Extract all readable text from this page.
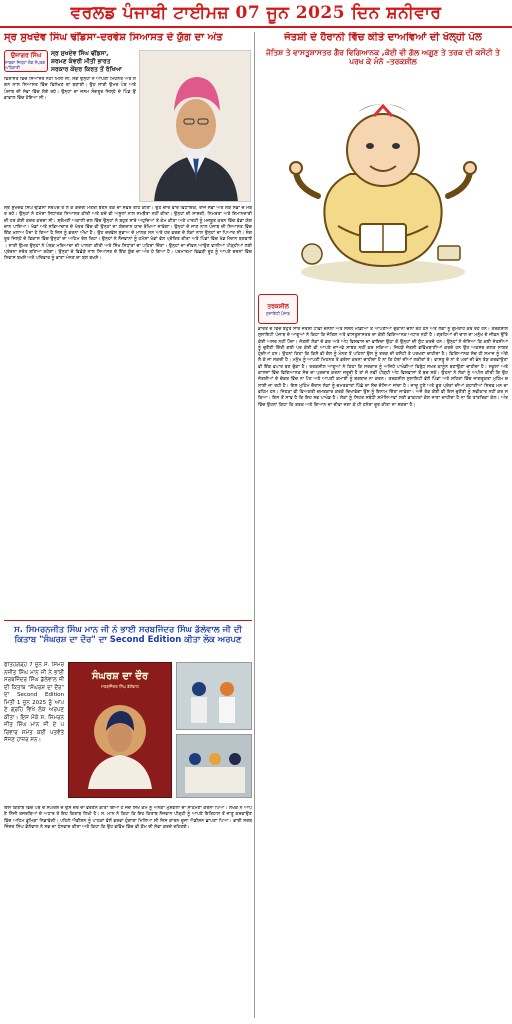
ਵਰਲਡ ਪੰਜਾਬੀ ਟਾਈਮਜ਼ 07 ਜੂਨ 2025 ਦਿਨ ਸ਼ਨੀਵਾਰ
ਸ੍ਰ ਸੁਖਦੇਵ ਸਿੰਘ ਢੀਂਡਸਾ-ਦਰਵੇਸ਼ ਸਿਆਸਤ ਦੇ ਯੁੱਗ ਦਾ ਅੰਤ
ਉਜਾਗਰ ਸਿੰਘ
ਸਾਬਕਾ ਜਿਲ੍ਹਾ ਲੋਕ ਸੰਪਰਕ ਅਧਿਕਾਰੀ
ਸ੍ਰ ਸੁਖਦੇਵ ਸਿੰਘ ਢੀਂਡਸਾ,
ਸ਼ਰਮਣ ਕੰਵਰੀ ਮੀਤੀ ਭਾਰਤ
ਸਰਕਾਰ ਕੇਂਦਰ ਕਿਰਤ ਤੋਂ ਰੱਖਿਆ
ਵਿਰਾਸਤ ਵਿੱਚ ਸਿਆਸਤ ਨਹੀਂ ਮਿਲੀ ਸੀ, ਸਗੋਂ ਉਨ੍ਹਾਂ ਨੇ ਆਪਣੀ ਮਿਹਨਤ ਅਤੇ ਲਗਨ ਨਾਲ ਸਿਆਸਤ ਵਿੱਚ ਵਿਲੱਖਣ ਥਾਂ ਬਣਾਈ। ਉਹ ਸਾਰੀ ਉਮਰ ਪੰਥ ਅਤੇ ਪੰਜਾਬ ਦੀ ਸੇਵਾ ਵਿੱਚ ਲੱਗੇ ਰਹੇ। ਉਨ੍ਹਾਂ ਦਾ ਜਨਮ ਸੰਗਰੂਰ ਜਿਲ੍ਹੇ ਦੇ ਪਿੰਡ ਉਭਾਵਾਲ ਵਿੱਚ ਹੋਇਆ ਸੀ।
ਸ੍ਰ ਸੁਖਦੇਵ ਸਿੰਘ ਢੀਂਡਸਾ ਸਰਪੰਚ ਤੋਂ ਲੈ ਕੇ ਕੇਂਦਰੀ ਮੰਤਰੀ ਬਣਨ ਤੱਕ ਦਾ ਸਫਰ ਤਹਿ ਕੀਤਾ। ਉਹ ਚਾਰ ਵਾਰ ਵਿਧਾਇਕ, ਰਾਜ ਸਭਾ ਅਤੇ ਲੋਕ ਸਭਾ ਦੇ ਮੈਂਬਰ ਰਹੇ। ਉਨ੍ਹਾਂ ਨੇ ਹਮੇਸ਼ਾ ਸਿਧਾਂਤਕ ਸਿਆਸਤ ਕੀਤੀ ਅਤੇ ਕਦੇ ਵੀ ਅਸੂਲਾਂ ਨਾਲ ਸਮਝੌਤਾ ਨਹੀਂ ਕੀਤਾ। ਉਨ੍ਹਾਂ ਦੀ ਸਾਦਗੀ, ਨਿਮਰਤਾ ਅਤੇ ਇਮਾਨਦਾਰੀ ਦੀ ਹਰ ਕੋਈ ਕਦਰ ਕਰਦਾ ਸੀ। ਸ਼੍ਰੋਮਣੀ ਅਕਾਲੀ ਦਲ ਵਿੱਚ ਉਨ੍ਹਾਂ ਨੇ ਬਹੁਤ ਸਾਰੇ ਅਹੁਦਿਆਂ ਤੇ ਕੰਮ ਕੀਤਾ ਅਤੇ ਪਾਰਟੀ ਨੂੰ ਮਜ਼ਬੂਤ ਕਰਨ ਵਿੱਚ ਵੱਡਾ ਯੋਗਦਾਨ ਪਾਇਆ। ਖੇਡਾਂ ਅਤੇ ਸਭਿਆਚਾਰ ਦੇ ਖੇਤਰ ਵਿੱਚ ਵੀ ਉਨ੍ਹਾਂ ਦਾ ਯੋਗਦਾਨ ਯਾਦ ਰੱਖਿਆ ਜਾਵੇਗਾ। ਉਨ੍ਹਾਂ ਦੇ ਜਾਣ ਨਾਲ ਪੰਜਾਬ ਦੀ ਸਿਆਸਤ ਵਿੱਚ ਇੱਕ ਖਲਾਅ ਪੈਦਾ ਹੋ ਗਿਆ ਹੈ ਜਿਸ ਨੂੰ ਭਰਨਾ ਔਖਾ ਹੈ। ਉਹ ਦਰਵੇਸ਼ ਸੁਭਾਅ ਦੇ ਮਾਲਕ ਸਨ ਅਤੇ ਹਰ ਵਰਗ ਦੇ ਲੋਕਾਂ ਨਾਲ ਉਨ੍ਹਾਂ ਦਾ ਪਿਆਰ ਸੀ। ਸੰਗਰੂਰ ਜਿਲ੍ਹੇ ਦੇ ਵਿਕਾਸ ਵਿੱਚ ਉਨ੍ਹਾਂ ਦਾ ਅਹਿਮ ਰੋਲ ਰਿਹਾ। ਉਨ੍ਹਾਂ ਨੇ ਨੌਜਵਾਨਾਂ ਨੂੰ ਹਮੇਸ਼ਾ ਖੇਡਾਂ ਵੱਲ ਪ੍ਰੇਰਿਤ ਕੀਤਾ ਅਤੇ ਪਿੰਡਾਂ ਵਿੱਚ ਖੇਡ ਮੈਦਾਨ ਬਣਵਾਏ। ਸਾਰੀ ਉਮਰ ਉਨ੍ਹਾਂ ਨੇ ਪੰਥਕ ਮਰਿਆਦਾ ਦੀ ਪਾਲਣਾ ਕੀਤੀ ਅਤੇ ਸਿੱਖ ਸਿਧਾਂਤਾਂ ਦਾ ਪਹਿਰਾ ਦਿੱਤਾ। ਉਨ੍ਹਾਂ ਦਾ ਜੀਵਨ ਆਉਣ ਵਾਲੀਆਂ ਪੀੜ੍ਹੀਆਂ ਲਈ ਪ੍ਰੇਰਨਾ ਸਰੋਤ ਬਣਿਆ ਰਹੇਗਾ। ਉਨ੍ਹਾਂ ਦੇ ਵਿਛੋੜੇ ਨਾਲ ਸਿਆਸਤ ਦੇ ਇੱਕ ਯੁੱਗ ਦਾ ਅੰਤ ਹੋ ਗਿਆ ਹੈ। ਪਰਮਾਤਮਾ ਵਿਛੜੀ ਰੂਹ ਨੂੰ ਆਪਣੇ ਚਰਨਾਂ ਵਿੱਚ ਨਿਵਾਸ ਬਖਸ਼ੇ ਅਤੇ ਪਰਿਵਾਰ ਨੂੰ ਭਾਣਾ ਮੰਨਣ ਦਾ ਬਲ ਬਖਸ਼ੇ।
ਸ. ਸਿਮਰਨਜੀਤ ਸਿੰਘ ਮਾਨ ਜੀ ਨੇ ਭਾਈ ਸਰਬਜਿੰਦਰ ਸਿੰਘ ਡੱਲੇਵਾਲ ਜੀ ਦੀ ਕਿਤਾਬ "ਸੰਘਰਸ਼ ਦਾ ਦੌਰ" ਦਾ Second Edition ਕੀਤਾ ਲੋਕ ਅਰਪਣ
ਫਤਿਹਗੜ੍ਹ 7 ਜੂਨ ਸ. ਸਿਮਰਨਜੀਤ ਸਿੰਘ ਮਾਨ ਜੀ ਨੇ ਭਾਈ ਸਰਬਜਿੰਦਰ ਸਿੰਘ ਡੱਲੇਵਾਲ ਜੀ ਦੀ ਕਿਤਾਬ "ਸੰਘਰਸ਼ ਦਾ ਦੌਰ" ਦਾ Second Edition ਮਿਤੀ 1 ਜੂਨ 2025 ਨੂੰ ਆਪਣੇ ਗ੍ਰਹਿ ਵਿਖੇ ਲੋਕ ਅਰਪਣ ਕੀਤਾ। ਇਸ ਮੌਕੇ ਸ. ਸਿਮਰਨਜੀਤ ਸਿੰਘ ਮਾਨ ਜੀ ਦੇ ਪਰਿਵਾਰ ਸਮੇਤ ਕਈ ਪਤਵੰਤੇ ਸੱਜਣ ਹਾਜ਼ਰ ਸਨ।
ਸੰਘਰਸ਼ ਦਾ ਦੌਰ
ਸਰਬਜਿੰਦਰ ਸਿੰਘ ਡੱਲੇਵਾਲ
ਇਸ ਕਿਤਾਬ ਵਿੱਚ ਪੰਥ ਦੇ ਸੰਘਰਸ਼ ਦੇ ਉਸ ਦੌਰ ਦਾ ਵਰਣਨ ਕੀਤਾ ਗਿਆ ਹੈ ਜਦੋਂ ਸਿੱਖ ਕੌਮ ਨੂੰ ਅਨੇਕਾਂ ਮੁਸ਼ਕਲਾਂ ਦਾ ਸਾਹਮਣਾ ਕਰਨਾ ਪਿਆ। ਲੇਖਕ ਨੇ ਆਪਣੇ ਨਿੱਜੀ ਤਜਰਬਿਆਂ ਦੇ ਅਧਾਰ ਤੇ ਇਹ ਕਿਤਾਬ ਲਿਖੀ ਹੈ। ਸ. ਮਾਨ ਨੇ ਕਿਹਾ ਕਿ ਇਹ ਕਿਤਾਬ ਨੌਜਵਾਨ ਪੀੜ੍ਹੀ ਨੂੰ ਆਪਣੇ ਇਤਿਹਾਸ ਤੋਂ ਜਾਣੂ ਕਰਵਾਉਣ ਵਿੱਚ ਅਹਿਮ ਭੂਮਿਕਾ ਨਿਭਾਵੇਗੀ। ਪਹਿਲੇ ਐਡੀਸ਼ਨ ਨੂੰ ਪਾਠਕਾਂ ਵੱਲੋਂ ਭਰਵਾਂ ਹੁੰਗਾਰਾ ਮਿਲਿਆ ਸੀ ਜਿਸ ਕਾਰਨ ਦੂਜਾ ਐਡੀਸ਼ਨ ਛਾਪਣਾ ਪਿਆ। ਭਾਈ ਸਰਬਜਿੰਦਰ ਸਿੰਘ ਡੱਲੇਵਾਲ ਨੇ ਸਭ ਦਾ ਧੰਨਵਾਦ ਕੀਤਾ ਅਤੇ ਕਿਹਾ ਕਿ ਉਹ ਭਵਿੱਖ ਵਿੱਚ ਵੀ ਕੌਮ ਦੀ ਸੇਵਾ ਕਰਦੇ ਰਹਿਣਗੇ।
ਜੋਤਸ਼ੀ ਦੇ ਹੈਰਾਨੀ ਵਿੱਚ ਕੀਤੇ ਦਾਅਵਿਆਂ ਦੀ ਖੋਲ੍ਹੀ ਪੋਲ
ਜੋਤਿਸ਼ ਤੇ ਵਾਸਤੂਸ਼ਾਸਤਰ ਗੈਰ ਵਿਗਿਆਨਕ ,ਕੋਈ ਵੀ ਗੱਲ ਅਗੂਣ ਤੇ ਤਰਕ ਦੀ ਕਸੌਟੀ ਤੇ ਪਰਖ ਕੇ ਮੰਨੋ –ਤਰਕਸ਼ੀਲ
ਤਰਕਸ਼ੀਲ
ਸੁਸਾਇਟੀ ਪੰਜਾਬ
ਭਾਰਤ ਦੇ ਵਿੱਚ ਬਹੁਤ ਸਾਰੇ ਜੋਤਸ਼ੀ ਟੀਵੀ ਚੈਨਲਾਂ ਅਤੇ ਸੋਸ਼ਲ ਮੀਡੀਆ ਤੇ ਆਪਣੀਆਂ ਦੁਕਾਨਾਂ ਚਲਾ ਰਹੇ ਹਨ ਅਤੇ ਲੋਕਾਂ ਨੂੰ ਗੁੰਮਰਾਹ ਕਰ ਰਹੇ ਹਨ। ਤਰਕਸ਼ੀਲ ਸੁਸਾਇਟੀ ਪੰਜਾਬ ਦੇ ਆਗੂਆਂ ਨੇ ਕਿਹਾ ਕਿ ਜੋਤਿਸ਼ ਅਤੇ ਵਾਸਤੂਸ਼ਾਸਤਰ ਦਾ ਕੋਈ ਵਿਗਿਆਨਕ ਅਧਾਰ ਨਹੀਂ ਹੈ। ਗ੍ਰਹਿਆਂ ਦੀ ਚਾਲ ਦਾ ਮਨੁੱਖ ਦੇ ਜੀਵਨ ਉੱਤੇ ਕੋਈ ਅਸਰ ਨਹੀਂ ਪੈਂਦਾ। ਜੋਤਸ਼ੀ ਲੋਕਾਂ ਦੇ ਡਰ ਅਤੇ ਅੰਧ ਵਿਸ਼ਵਾਸ ਦਾ ਫਾਇਦਾ ਉਠਾ ਕੇ ਉਨ੍ਹਾਂ ਦੀ ਲੁੱਟ ਕਰਦੇ ਹਨ। ਉਨ੍ਹਾਂ ਨੇ ਦੱਸਿਆ ਕਿ ਕਈ ਜੋਤਸ਼ੀਆਂ ਨੂੰ ਚੁਣੌਤੀ ਦਿੱਤੀ ਗਈ ਪਰ ਕੋਈ ਵੀ ਆਪਣੇ ਦਾਅਵੇ ਸਾਬਤ ਨਹੀਂ ਕਰ ਸਕਿਆ। ਜਿਹੜੇ ਜੋਤਸ਼ੀ ਭਵਿੱਖਬਾਣੀਆਂ ਕਰਦੇ ਹਨ ਉਹ ਅਕਸਰ ਗਲਤ ਸਾਬਤ ਹੁੰਦੀਆਂ ਹਨ। ਉਹਨਾਂ ਕਿਹਾ ਕਿ ਕਿਸੇ ਵੀ ਗੱਲ ਨੂੰ ਮੰਨਣ ਤੋਂ ਪਹਿਲਾਂ ਉਸ ਨੂੰ ਤਰਕ ਦੀ ਕਸੌਟੀ ਤੇ ਪਰਖਣਾ ਚਾਹੀਦਾ ਹੈ। ਵਿਗਿਆਨਕ ਸੋਚ ਹੀ ਸਮਾਜ ਨੂੰ ਅੱਗੇ ਲੈ ਕੇ ਜਾ ਸਕਦੀ ਹੈ। ਮਨੁੱਖ ਨੂੰ ਆਪਣੀ ਮਿਹਨਤ ਤੇ ਭਰੋਸਾ ਕਰਨਾ ਚਾਹੀਦਾ ਹੈ ਨਾ ਕਿ ਹੱਥਾਂ ਦੀਆਂ ਲਕੀਰਾਂ ਤੇ। ਵਾਸਤੂ ਦੇ ਨਾਂ ਤੇ ਘਰਾਂ ਦੀ ਭੰਨ ਤੋੜ ਕਰਵਾਉਣਾ ਵੀ ਇੱਕ ਵਪਾਰ ਬਣ ਚੁੱਕਾ ਹੈ। ਤਰਕਸ਼ੀਲ ਆਗੂਆਂ ਨੇ ਕਿਹਾ ਕਿ ਸਰਕਾਰ ਨੂੰ ਅਜਿਹੇ ਪਾਖੰਡੀਆਂ ਵਿਰੁੱਧ ਸਖਤ ਕਾਨੂੰਨ ਬਣਾਉਣਾ ਚਾਹੀਦਾ ਹੈ। ਸਕੂਲਾਂ ਅਤੇ ਕਾਲਜਾਂ ਵਿੱਚ ਵਿਗਿਆਨਕ ਸੋਚ ਦਾ ਪ੍ਰਚਾਰ ਕਰਨਾ ਜਰੂਰੀ ਹੈ ਤਾਂ ਜੋ ਨਵੀਂ ਪੀੜ੍ਹੀ ਅੰਧ ਵਿਸ਼ਵਾਸਾਂ ਤੋਂ ਬਚ ਸਕੇ। ਉਹਨਾਂ ਨੇ ਲੋਕਾਂ ਨੂੰ ਅਪੀਲ ਕੀਤੀ ਕਿ ਉਹ ਜੋਤਸ਼ੀਆਂ ਦੇ ਚੱਕਰ ਵਿੱਚ ਨਾ ਪੈਣ ਅਤੇ ਆਪਣੀ ਕਮਾਈ ਨੂੰ ਬਰਬਾਦ ਨਾ ਕਰਨ। ਤਰਕਸ਼ੀਲ ਸੁਸਾਇਟੀ ਵੱਲੋਂ ਪਿੰਡਾਂ ਅਤੇ ਸ਼ਹਿਰਾਂ ਵਿੱਚ ਜਾਗਰੂਕਤਾ ਮੁਹਿੰਮ ਚਲਾਈ ਜਾ ਰਹੀ ਹੈ। ਇਸ ਮੁਹਿੰਮ ਦੌਰਾਨ ਲੋਕਾਂ ਨੂੰ ਚਮਤਕਾਰਾਂ ਪਿੱਛੇ ਦਾ ਸੱਚ ਦੱਸਿਆ ਜਾਂਦਾ ਹੈ। ਜਾਦੂ ਟੂਣੇ ਅਤੇ ਭੂਤ ਪ੍ਰੇਤਾਂ ਦੀਆਂ ਕਹਾਣੀਆਂ ਸਿਰਫ ਮਨ ਦਾ ਵਹਿਮ ਹਨ। ਜਿਹੜਾ ਵੀ ਵਿਅਕਤੀ ਚਮਤਕਾਰ ਕਰਕੇ ਦਿਖਾਵੇਗਾ ਉਸ ਨੂੰ ਇਨਾਮ ਦਿੱਤਾ ਜਾਵੇਗਾ। ਅਜੇ ਤੱਕ ਕੋਈ ਵੀ ਇਸ ਚੁਣੌਤੀ ਨੂੰ ਸਵੀਕਾਰ ਨਹੀਂ ਕਰ ਸਕਿਆ। ਇਸ ਤੋਂ ਸਾਫ ਹੈ ਕਿ ਇਹ ਸਭ ਪਾਖੰਡ ਹੈ। ਲੋਕਾਂ ਨੂੰ ਸਿਹਤ ਸਬੰਧੀ ਸਮੱਸਿਆਵਾਂ ਲਈ ਡਾਕਟਰਾਂ ਕੋਲ ਜਾਣਾ ਚਾਹੀਦਾ ਹੈ ਨਾ ਕਿ ਤਾਂਤਰਿਕਾਂ ਕੋਲ। ਅੰਤ ਵਿੱਚ ਉਹਨਾਂ ਕਿਹਾ ਕਿ ਤਰਕ ਅਤੇ ਗਿਆਨ ਦਾ ਦੀਵਾ ਜਗਾ ਕੇ ਹੀ ਹਨੇਰਾ ਦੂਰ ਕੀਤਾ ਜਾ ਸਕਦਾ ਹੈ।
